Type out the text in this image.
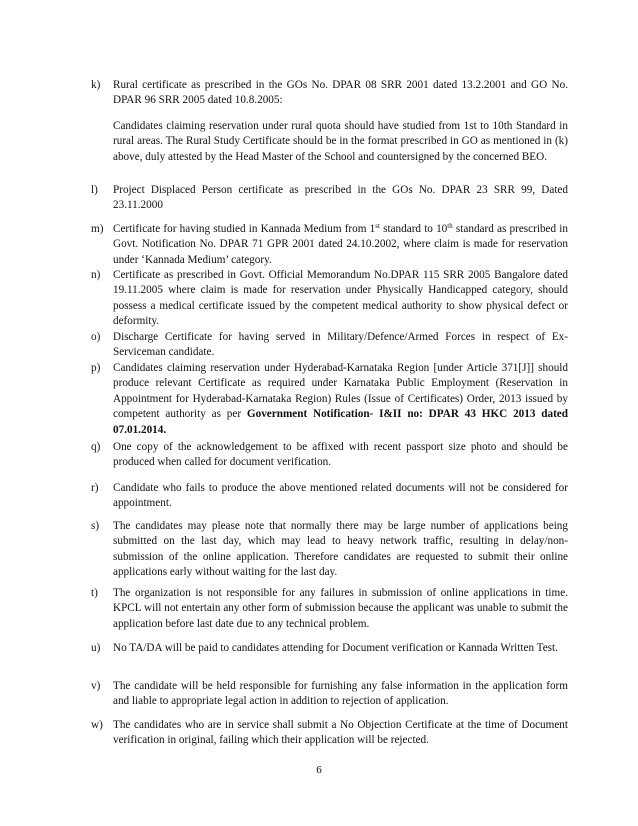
k)	Rural certificate as prescribed in the GOs No. DPAR 08 SRR 2001 dated 13.2.2001 and GO No. DPAR 96 SRR 2005 dated 10.8.2005:

Candidates claiming reservation under rural quota should have studied from 1st to 10th Standard in rural areas. The Rural Study Certificate should be in the format prescribed in GO as mentioned in (k) above, duly attested by the Head Master of the School and countersigned by the concerned BEO.

l)	Project Displaced Person certificate as prescribed in the GOs No. DPAR 23 SRR 99, Dated 23.11.2000

m) Certificate for having studied in Kannada Medium from 1st standard to 10th standard as prescribed in Govt. Notification No. DPAR 71 GPR 2001 dated 24.10.2002, where claim is made for reservation under ‘Kannada Medium’ category.

n)	Certificate as prescribed in Govt. Official Memorandum No.DPAR 115 SRR 2005 Bangalore dated 19.11.2005 where claim is made for reservation under Physically Handicapped category, should possess a medical certificate issued by the competent medical authority to show physical defect or deformity.

o)	Discharge Certificate for having served in Military/Defence/Armed Forces in respect of Ex-Serviceman candidate.

p)	Candidates claiming reservation under Hyderabad-Karnataka Region [under Article 371[J]] should produce relevant Certificate as required under Karnataka Public Employment (Reservation in Appointment for Hyderabad-Karnataka Region) Rules (Issue of Certificates) Order, 2013 issued by competent authority as per Government Notification- I&II no: DPAR 43 HKC 2013 dated 07.01.2014.

q)	One copy of the acknowledgement to be affixed with recent passport size photo and should be produced when called for document verification.

r)	Candidate who fails to produce the above mentioned related documents will not be considered for appointment.

s)	The candidates may please note that normally there may be large number of applications being submitted on the last day, which may lead to heavy network traffic, resulting in delay/non-submission of the online application. Therefore candidates are requested to submit their online applications early without waiting for the last day.

t)	The organization is not responsible for any failures in submission of online applications in time. KPCL will not entertain any other form of submission because the applicant was unable to submit the application before last date due to any technical problem.

u)	No TA/DA will be paid to candidates attending for Document verification or Kannada Written Test.

v)	The candidate will be held responsible for furnishing any false information in the application form and liable to appropriate legal action in addition to rejection of application.

w) The candidates who are in service shall submit a No Objection Certificate at the time of Document verification in original, failing which their application will be rejected.

6
